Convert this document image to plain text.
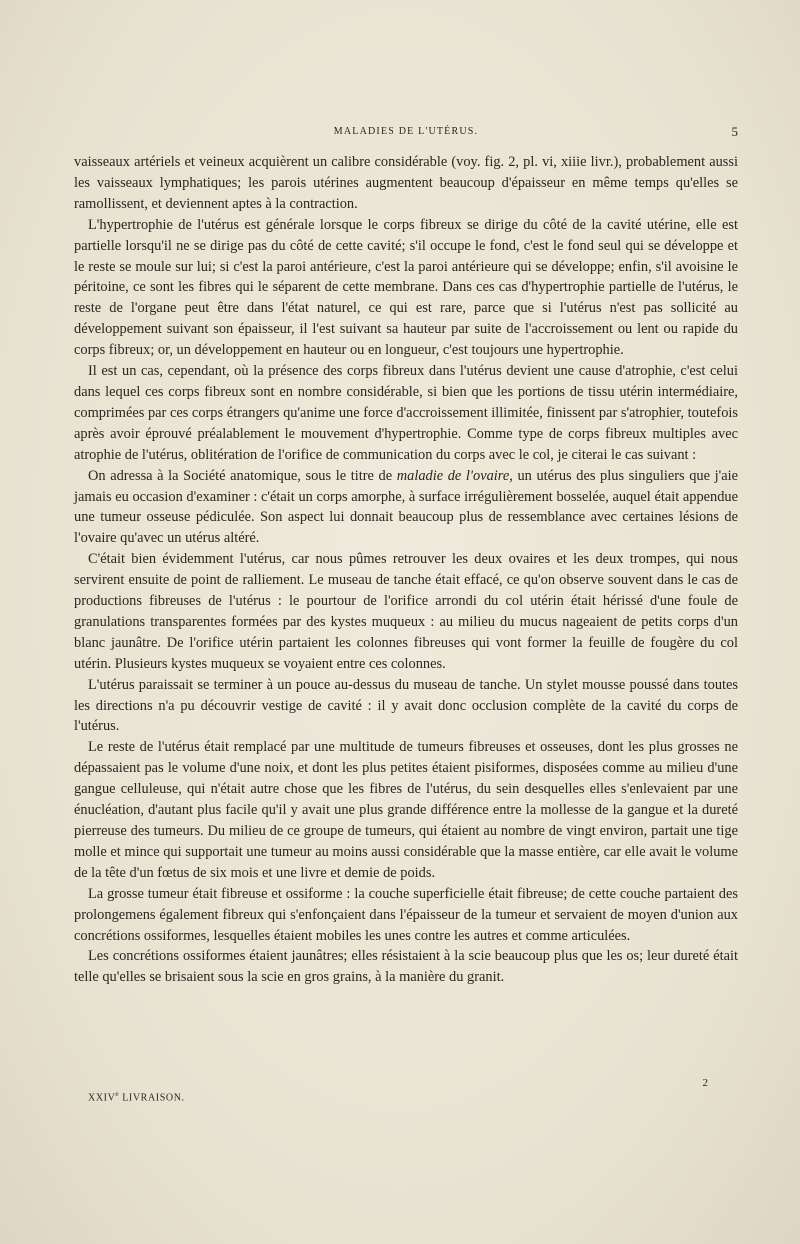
MALADIES DE L'UTÉRUS.	5

vaisseaux artériels et veineux acquièrent un calibre considérable (voy. fig. 2, pl. vi, xiiie livr.), probablement aussi les vaisseaux lymphatiques; les parois utérines augmentent beaucoup d'épaisseur en même temps qu'elles se ramollissent, et deviennent aptes à la contraction.

L'hypertrophie de l'utérus est générale lorsque le corps fibreux se dirige du côté de la cavité utérine, elle est partielle lorsqu'il ne se dirige pas du côté de cette cavité; s'il occupe le fond, c'est le fond seul qui se développe et le reste se moule sur lui; si c'est la paroi antérieure, c'est la paroi antérieure qui se développe; enfin, s'il avoisine le péritoine, ce sont les fibres qui le séparent de cette membrane. Dans ces cas d'hypertrophie partielle de l'utérus, le reste de l'organe peut être dans l'état naturel, ce qui est rare, parce que si l'utérus n'est pas sollicité au développement suivant son épaisseur, il l'est suivant sa hauteur par suite de l'accroissement ou lent ou rapide du corps fibreux; or, un développement en hauteur ou en longueur, c'est toujours une hypertrophie.

Il est un cas, cependant, où la présence des corps fibreux dans l'utérus devient une cause d'atrophie, c'est celui dans lequel ces corps fibreux sont en nombre considérable, si bien que les portions de tissu utérin intermédiaire, comprimées par ces corps étrangers qu'anime une force d'accroissement illimitée, finissent par s'atrophier, toutefois après avoir éprouvé préalablement le mouvement d'hypertrophie. Comme type de corps fibreux multiples avec atrophie de l'utérus, oblitération de l'orifice de communication du corps avec le col, je citerai le cas suivant :

On adressa à la Société anatomique, sous le titre de maladie de l'ovaire, un utérus des plus singuliers que j'aie jamais eu occasion d'examiner : c'était un corps amorphe, à surface irrégulièrement bosselée, auquel était appendue une tumeur osseuse pédiculée. Son aspect lui donnait beaucoup plus de ressemblance avec certaines lésions de l'ovaire qu'avec un utérus altéré.

C'était bien évidemment l'utérus, car nous pûmes retrouver les deux ovaires et les deux trompes, qui nous servirent ensuite de point de ralliement. Le museau de tanche était effacé, ce qu'on observe souvent dans le cas de productions fibreuses de l'utérus : le pourtour de l'orifice arrondi du col utérin était hérissé d'une foule de granulations transparentes formées par des kystes muqueux : au milieu du mucus nageaient de petits corps d'un blanc jaunâtre. De l'orifice utérin partaient les colonnes fibreuses qui vont former la feuille de fougère du col utérin. Plusieurs kystes muqueux se voyaient entre ces colonnes.

L'utérus paraissait se terminer à un pouce au-dessus du museau de tanche. Un stylet mousse poussé dans toutes les directions n'a pu découvrir vestige de cavité : il y avait donc occlusion complète de la cavité du corps de l'utérus.

Le reste de l'utérus était remplacé par une multitude de tumeurs fibreuses et osseuses, dont les plus grosses ne dépassaient pas le volume d'une noix, et dont les plus petites étaient pisiformes, disposées comme au milieu d'une gangue celluleuse, qui n'était autre chose que les fibres de l'utérus, du sein desquelles elles s'enlevaient par une énucléation, d'autant plus facile qu'il y avait une plus grande différence entre la mollesse de la gangue et la dureté pierreuse des tumeurs. Du milieu de ce groupe de tumeurs, qui étaient au nombre de vingt environ, partait une tige molle et mince qui supportait une tumeur au moins aussi considérable que la masse entière, car elle avait le volume de la tête d'un fœtus de six mois et une livre et demie de poids.

La grosse tumeur était fibreuse et ossiforme : la couche superficielle était fibreuse; de cette couche partaient des prolongemens également fibreux qui s'enfonçaient dans l'épaisseur de la tumeur et servaient de moyen d'union aux concrétions ossiformes, lesquelles étaient mobiles les unes contre les autres et comme articulées.

Les concrétions ossiformes étaient jaunâtres; elles résistaient à la scie beaucoup plus que les os; leur dureté était telle qu'elles se brisaient sous la scie en gros grains, à la manière du granit.

2
XXIVe LIVRAISON.
